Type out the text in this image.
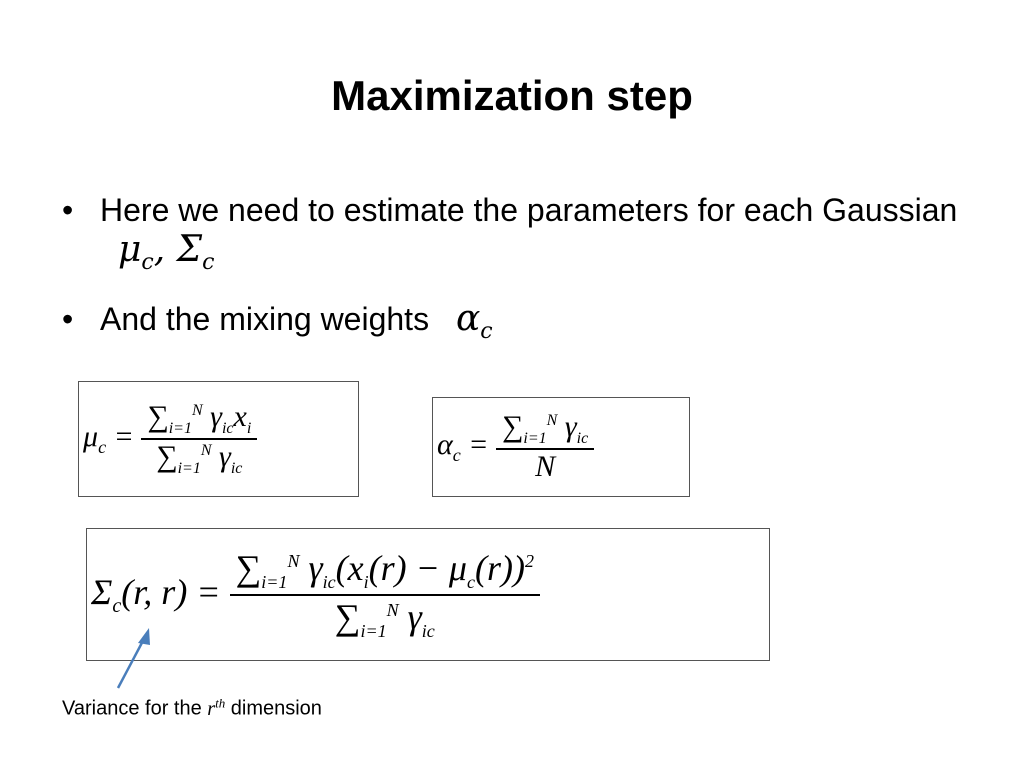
Maximization step
• Here we need to estimate the parameters for each Gaussian $\mu_c$, $\Sigma_c$
• And the mixing weights $\alpha_c$
$\mu_c = \frac{\sum_{i=1}^N \gamma_{ic}x_i}{\sum_{i=1}^N \gamma_{ic}}$	$\alpha_c = \frac{\sum_{i=1}^N \gamma_{ic}}{N}$
$\Sigma_c(r$, $r) = \frac{\sum_{i=1}^N \gamma_{ic}(x_i(r) - \mu_c(r))^2}{\sum_{i=1}^N \gamma_{ic}}$
Variance for the $r^{th}$ dimension
